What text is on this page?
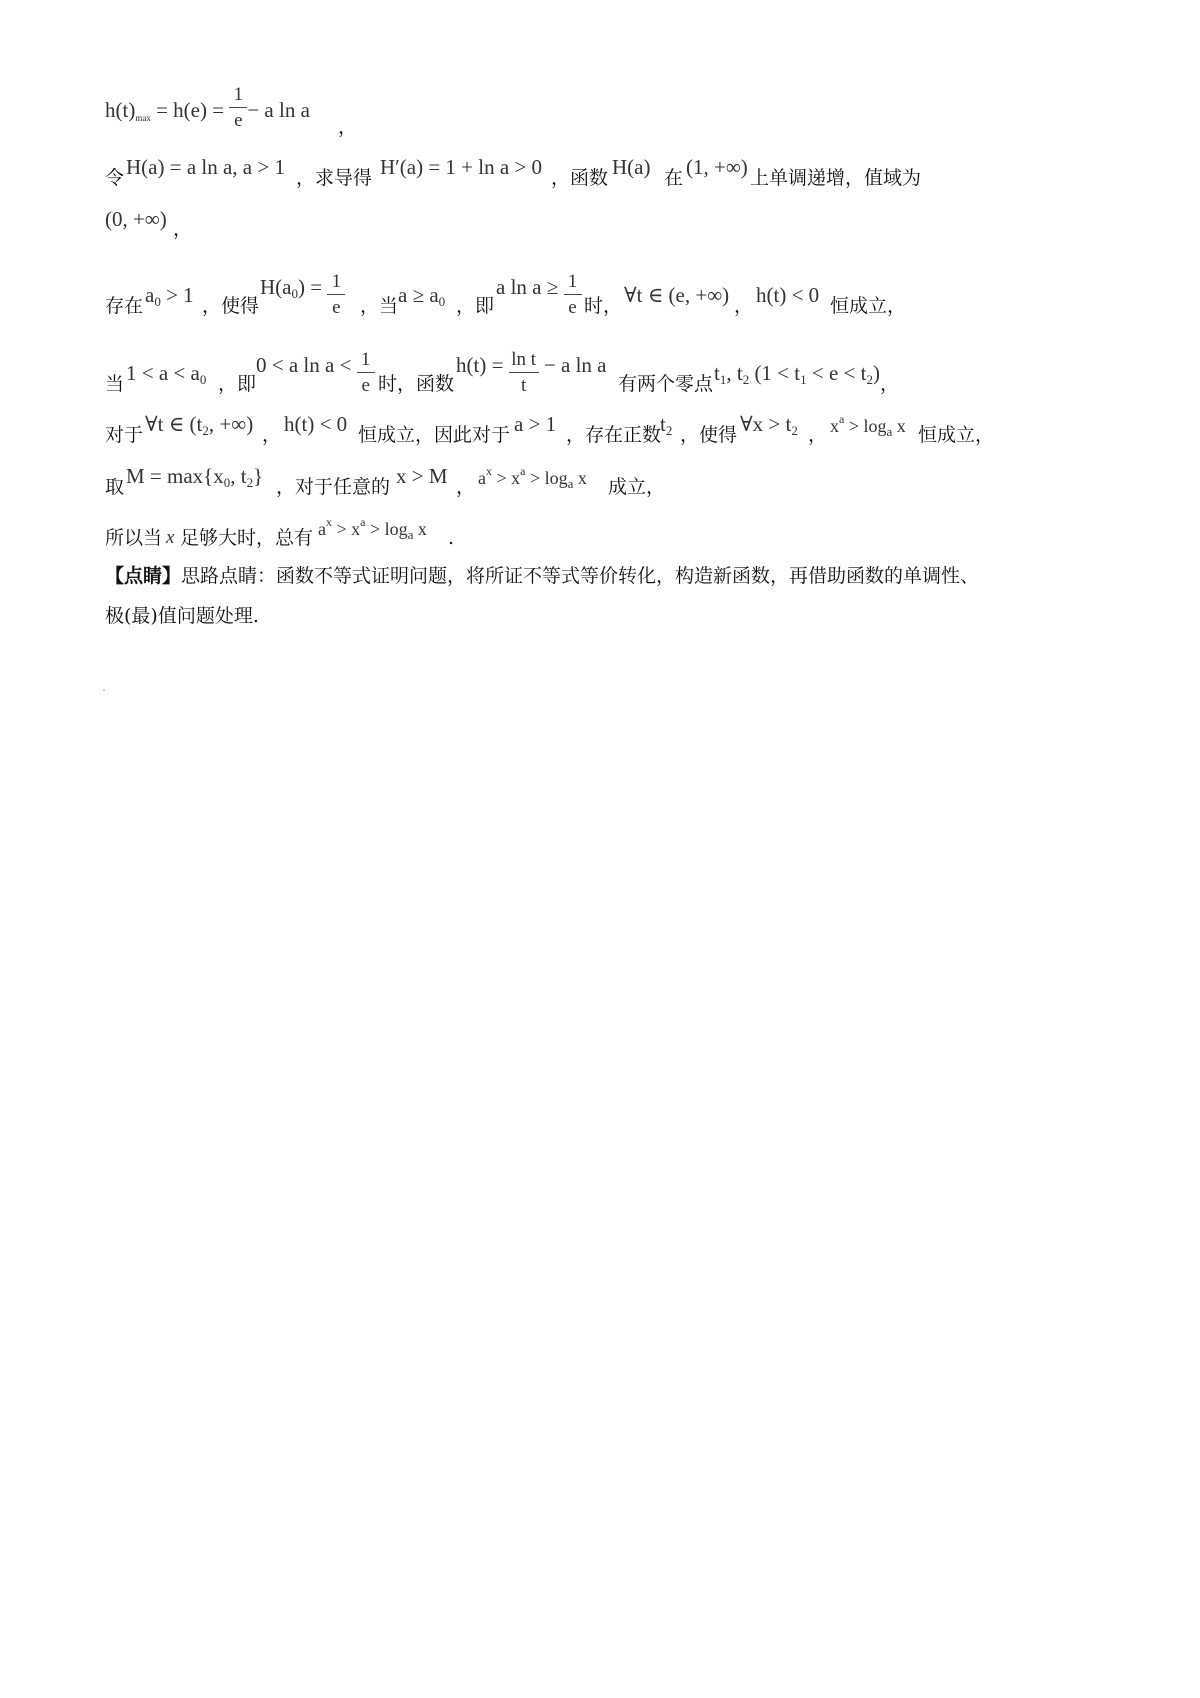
$h(t)_{max} = h(e) = \frac{1}{e} - a$ ln a
，
令 H(a) = a ln a, a > 1 ，求导得 H′(a) = 1 + ln a > 0 ，函数 H(a) 在 (1, +∞) 上单调递增，值域为
(0, +∞) ，
存在 $a_0 > 1$ ，使得
$H(a_0) = \frac{1}{e}$ ，当 $a \ge a_0$ ，即
a $\ln a \ge \frac{1}{e}$ 时， ∀t ∈ (e, +∞) ， h(t) < 0 恒成立，
当 $1 < a < a_0$ ，即
0 < a $\ln a < \frac{1}{e}$ 时，函数
$h(t) = \frac{\text{ln t}}{t} - a$ ln a
有两个零点 $t_1$, $t_2$ $(1 < t_1 < e < t_2)$ ，
对于 ∀t ∈ ($t_2$, +∞) ， h(t) < 0 恒成立，因此对于 a > 1 ，存在正数
$t_2$ ，使得 ∀x > $t_2$ ， $x^a > \log_a x$ 恒成立，
取 $M = \max\{x_0$, $t_2$} ，对于任意的 x > M ， $a^x > x^a > \log_a x$ 成立，
所以当 x 足够大时，总有 $a^x > x^a > \log_a x$ .
【点睛】思路点睛：函数不等式证明问题，将所证不等式等价转化，构造新函数，再借助函数的单调性、
极(最)值问题处理.
